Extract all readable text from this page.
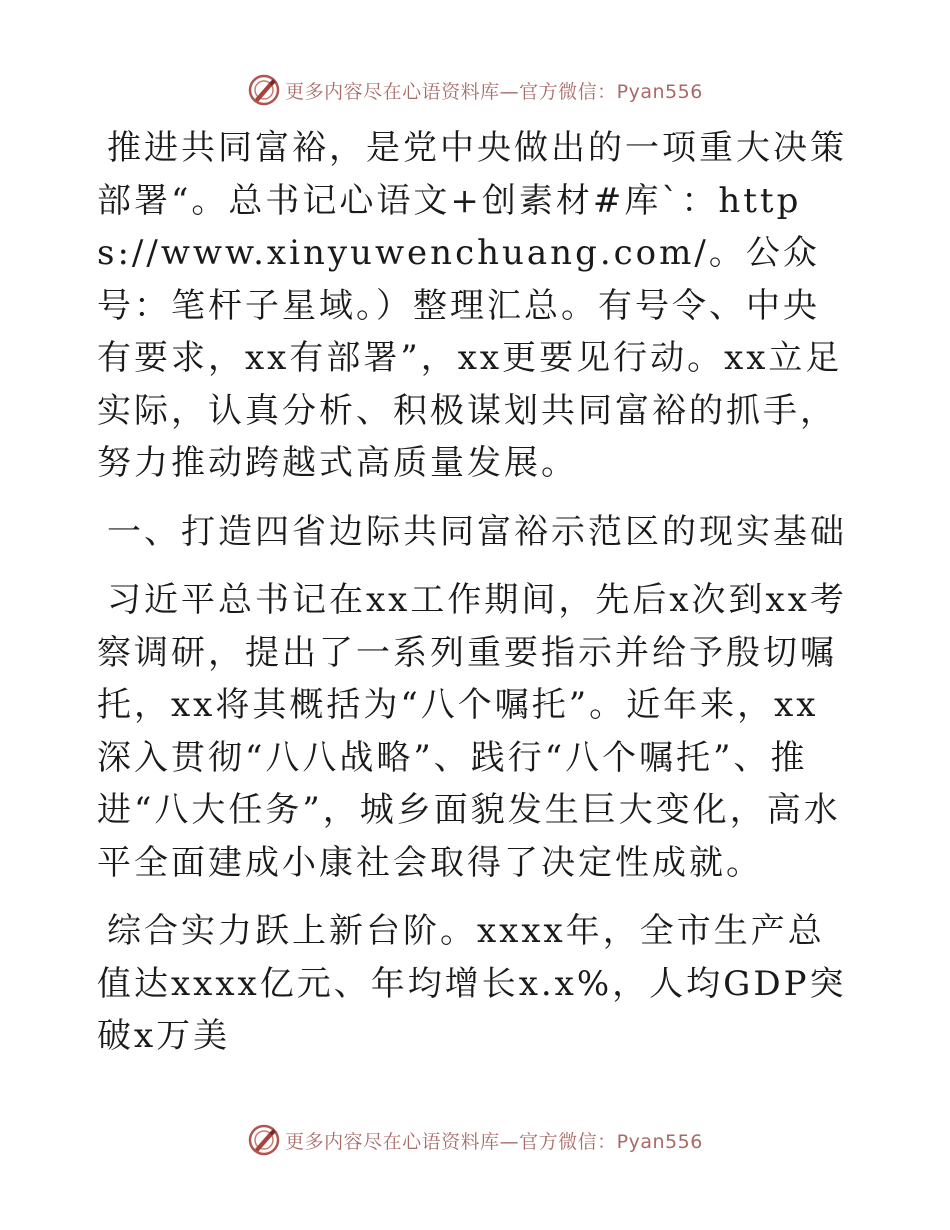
更多内容尽在心语资料库—官方微信：Pyan556

推进共同富裕，是党中央做出的一项重大决策部署“。总书记心语文+创素材#库`：https://www.xinyuwenchuang.com/。公众号：笔杆子星域。）整理汇总。有号令、中央有要求，xx有部署”，xx更要见行动。xx立足实际，认真分析、积极谋划共同富裕的抓手，努力推动跨越式高质量发展。

一、打造四省边际共同富裕示范区的现实基础

习近平总书记在xx工作期间，先后x次到xx考察调研，提出了一系列重要指示并给予殷切嘱托，xx将其概括为“八个嘱托”。近年来，xx深入贯彻“八八战略”、践行“八个嘱托”、推进“八大任务”，城乡面貌发生巨大变化，高水平全面建成小康社会取得了决定性成就。

综合实力跃上新台阶。xxxx年，全市生产总值达xxxx亿元、年均增长x.x%，人均GDP突破x万美

更多内容尽在心语资料库—官方微信：Pyan556
